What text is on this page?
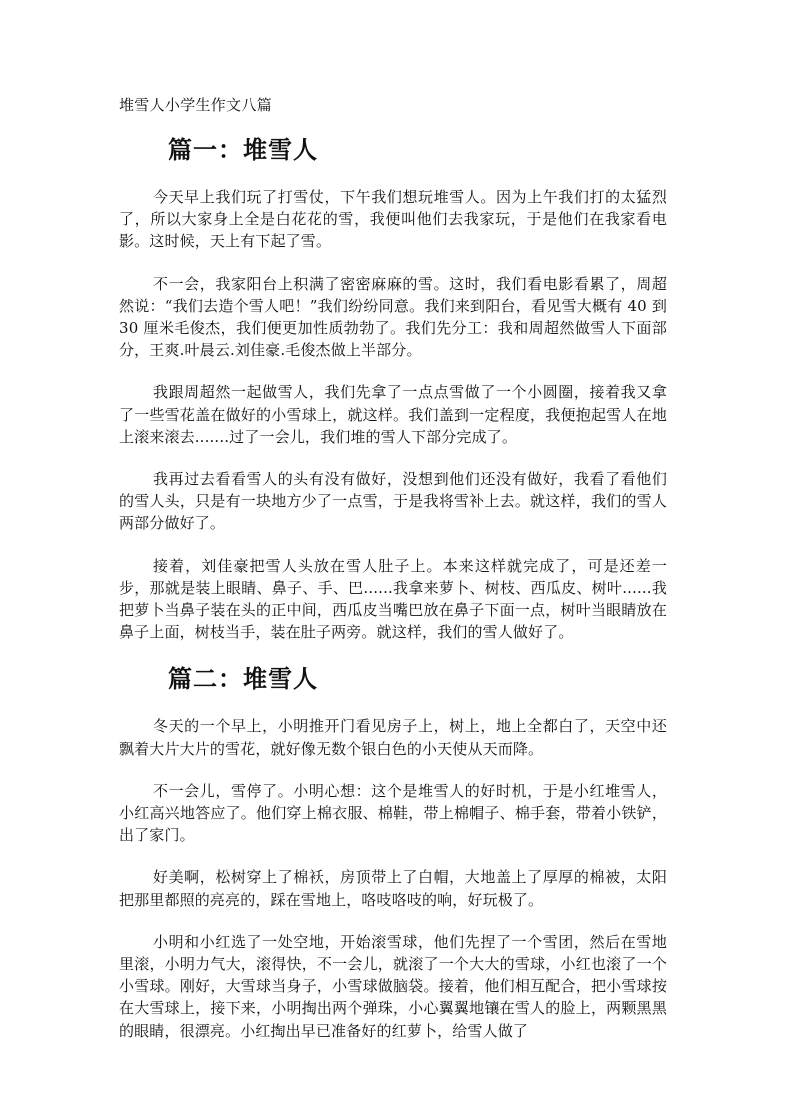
堆雪人小学生作文八篇
篇一：堆雪人

今天早上我们玩了打雪仗，下午我们想玩堆雪人。因为上午我们打的太猛烈了，所以大家身上全是白花花的雪，我便叫他们去我家玩，于是他们在我家看电影。这时候，天上有下起了雪。

不一会，我家阳台上积满了密密麻麻的雪。这时，我们看电影看累了，周超然说：“我们去造个雪人吧！”我们纷纷同意。我们来到阳台，看见雪大概有 40 到 30 厘米毛俊杰，我们便更加性质勃勃了。我们先分工：我和周超然做雪人下面部分，王爽.叶晨云.刘佳豪.毛俊杰做上半部分。

我跟周超然一起做雪人，我们先拿了一点点雪做了一个小圆圈，接着我又拿了一些雪花盖在做好的小雪球上，就这样。我们盖到一定程度，我便抱起雪人在地上滚来滚去.......过了一会儿，我们堆的雪人下部分完成了。

我再过去看看雪人的头有没有做好，没想到他们还没有做好，我看了看他们的雪人头，只是有一块地方少了一点雪，于是我将雪补上去。就这样，我们的雪人两部分做好了。

接着，刘佳豪把雪人头放在雪人肚子上。本来这样就完成了，可是还差一步，那就是装上眼睛、鼻子、手、巴......我拿来萝卜、树枝、西瓜皮、树叶......我把萝卜当鼻子装在头的正中间，西瓜皮当嘴巴放在鼻子下面一点，树叶当眼睛放在鼻子上面，树枝当手，装在肚子两旁。就这样，我们的雪人做好了。

篇二：堆雪人

冬天的一个早上，小明推开门看见房子上，树上，地上全都白了，天空中还飘着大片大片的雪花，就好像无数个银白色的小天使从天而降。

不一会儿，雪停了。小明心想：这个是堆雪人的好时机，于是小红堆雪人，小红高兴地答应了。他们穿上棉衣服、棉鞋，带上棉帽子、棉手套，带着小铁铲，出了家门。

好美啊，松树穿上了棉袄，房顶带上了白帽，大地盖上了厚厚的棉被，太阳把那里都照的亮亮的，踩在雪地上，咯吱咯吱的响，好玩极了。

小明和小红选了一处空地，开始滚雪球，他们先捏了一个雪团，然后在雪地里滚，小明力气大，滚得快，不一会儿，就滚了一个大大的雪球，小红也滚了一个小雪球。刚好，大雪球当身子，小雪球做脑袋。接着，他们相互配合，把小雪球按在大雪球上，接下来，小明掏出两个弹珠，小心翼翼地镶在雪人的脸上，两颗黑黑的眼睛，很漂亮。小红掏出早已准备好的红萝卜，给雪人做了
